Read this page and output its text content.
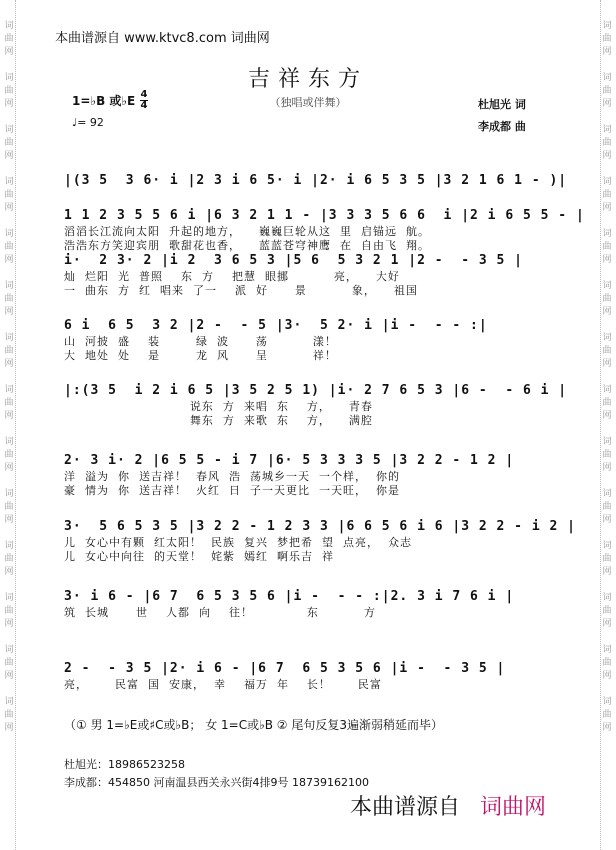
词
曲
网

词
曲
网

词
曲
网

词
曲
网

词
曲
网

词
曲
网

词
曲
网

词
曲
网

词
曲
网

词
曲
网

词
曲
网

词
曲
网

词
曲
网

词
曲
网

词
曲
网

词
曲
网

词
曲
网

词
曲
网

词
曲
网

词
曲
网

词
曲
网

词
曲
网

词
曲
网

词
曲
网

词
曲
网

词
曲
网

词
曲
网

词
曲
网

本曲谱源自 www.ktvc8.com 词曲网
吉祥东方
（独唱或伴舞）
1=♭B 或♭E 4
4
♩= 92
杜旭光 词
李成都 曲
|(3 5  3 6· i |2 3 i 6 5· i |2· i 6 5 3 5 |3 2 1 6 1 - )|
1 1 2 3 5 5 6 i |6 3 2 1 1 - |3 3 3 5 6 6  i |2 i 6 5 5 - |
滔滔长江流向太阳  升起的地方，    巍巍巨轮从这  里  启锚远  航。
浩浩东方笑迎宾朋  歌甜花也香，    蓝蓝苍穹神鹰  在  自由飞  翔。
i·  2 3· 2 |i 2  3 6 5 3 |5 6  5 3 2 1 |2 -  - 3 5 |
灿  烂阳  光  普照    东  方    把慧  眼挪          亮，    大好
一  曲东  方  红  唱来  了一    派  好      景          象，    祖国
6 i  6 5  3 2 |2 -  - 5 |3·  5 2· i |i -  - - :|
山  河披  盛    装        绿  波      荡          漾！
大  地处  处    是        龙  风      呈          祥！
|:(3 5  i 2 i 6 5 |3 5 2 5 1) |i· 2 7 6 5 3 |6 -  - 6 i |
说东  方  来唱  东    方，    青春
舞东  方  来歌  东    方，    满腔
2· 3 i· 2 |6 5 5 - i 7 |6· 5 3 3 3 5 |3 2 2 - 1 2 |
洋  溢为  你  送吉祥！  春风  浩  荡城乡一天  一个样，  你的
豪  情为  你  送吉祥！  火红  日  子一天更比  一天旺，  你是
3·  5 6 5 3 5 |3 2 2 - 1 2 3 3 |6 6 5 6 i 6 |3 2 2 - i 2 |
儿  女心中有颗  红太阳！  民族  复兴  梦把希  望  点亮，  众志
儿  女心中向往  的天堂！  姹紫  嫣红  啊乐吉  祥
3· i 6 - |6 7  6 5 3 5 6 |i -  - - :|2. 3 i 7 6 i |
筑  长城      世    人都  向    往！            东          方
2 -  - 3 5 |2· i 6 - |6 7  6 5 3 5 6 |i -  - 3 5 |
亮，      民富  国  安康，  幸    福万  年    长！      民富
（① 男 1=♭E或♯C或♭B； 女 1=C或♭B ② 尾句反复3遍渐弱稍延而毕）
杜旭光：18986523258
李成都：454850 河南温县西关永兴街4排9号 18739162100
本曲谱源自 词曲网
